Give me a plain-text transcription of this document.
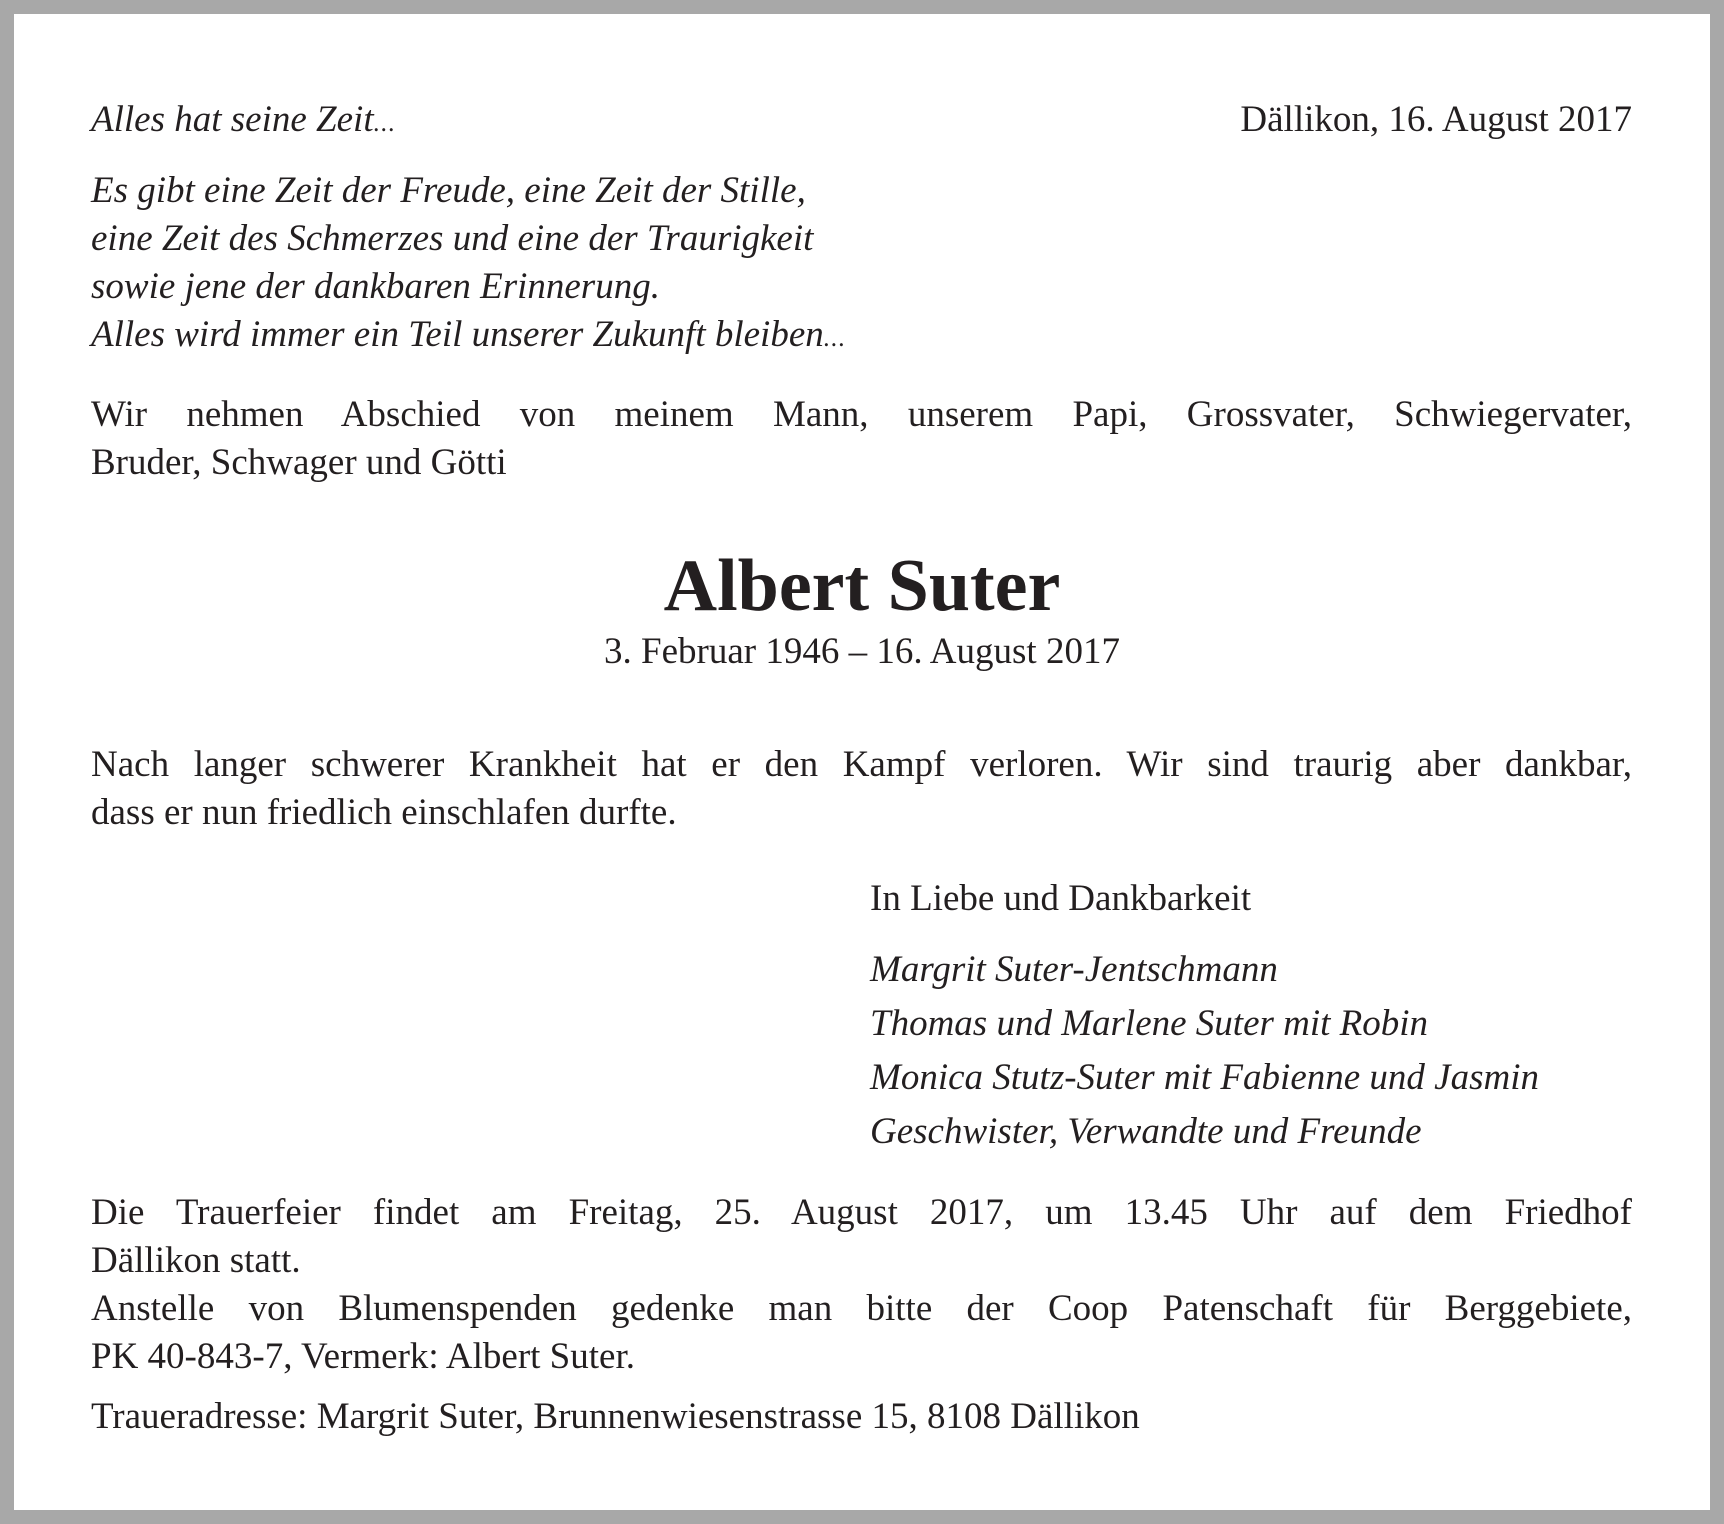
Alles hat seine Zeit...	Dällikon, 16. August 2017

Es gibt eine Zeit der Freude, eine Zeit der Stille,

eine Zeit des Schmerzes und eine der Traurigkeit

sowie jene der dankbaren Erinnerung.

Alles wird immer ein Teil unserer Zukunft bleiben...

Wir nehmen Abschied von meinem Mann, unserem Papi, Grossvater, Schwiegervater,
Bruder, Schwager und Götti

Albert Suter

3. Februar 1946 – 16. August 2017

Nach langer schwerer Krankheit hat er den Kampf verloren. Wir sind traurig aber dankbar,
dass er nun friedlich einschlafen durfte.

In Liebe und Dankbarkeit

Margrit Suter-Jentschmann

Thomas und Marlene Suter mit Robin

Monica Stutz-Suter mit Fabienne und Jasmin

Geschwister, Verwandte und Freunde

Die Trauerfeier findet am Freitag, 25. August 2017, um 13.45 Uhr auf dem Friedhof
Dällikon statt.
Anstelle von Blumenspenden gedenke man bitte der Coop Patenschaft für Berggebiete,
PK 40-843-7, Vermerk: Albert Suter.

Traueradresse: Margrit Suter, Brunnenwiesenstrasse 15, 8108 Dällikon
